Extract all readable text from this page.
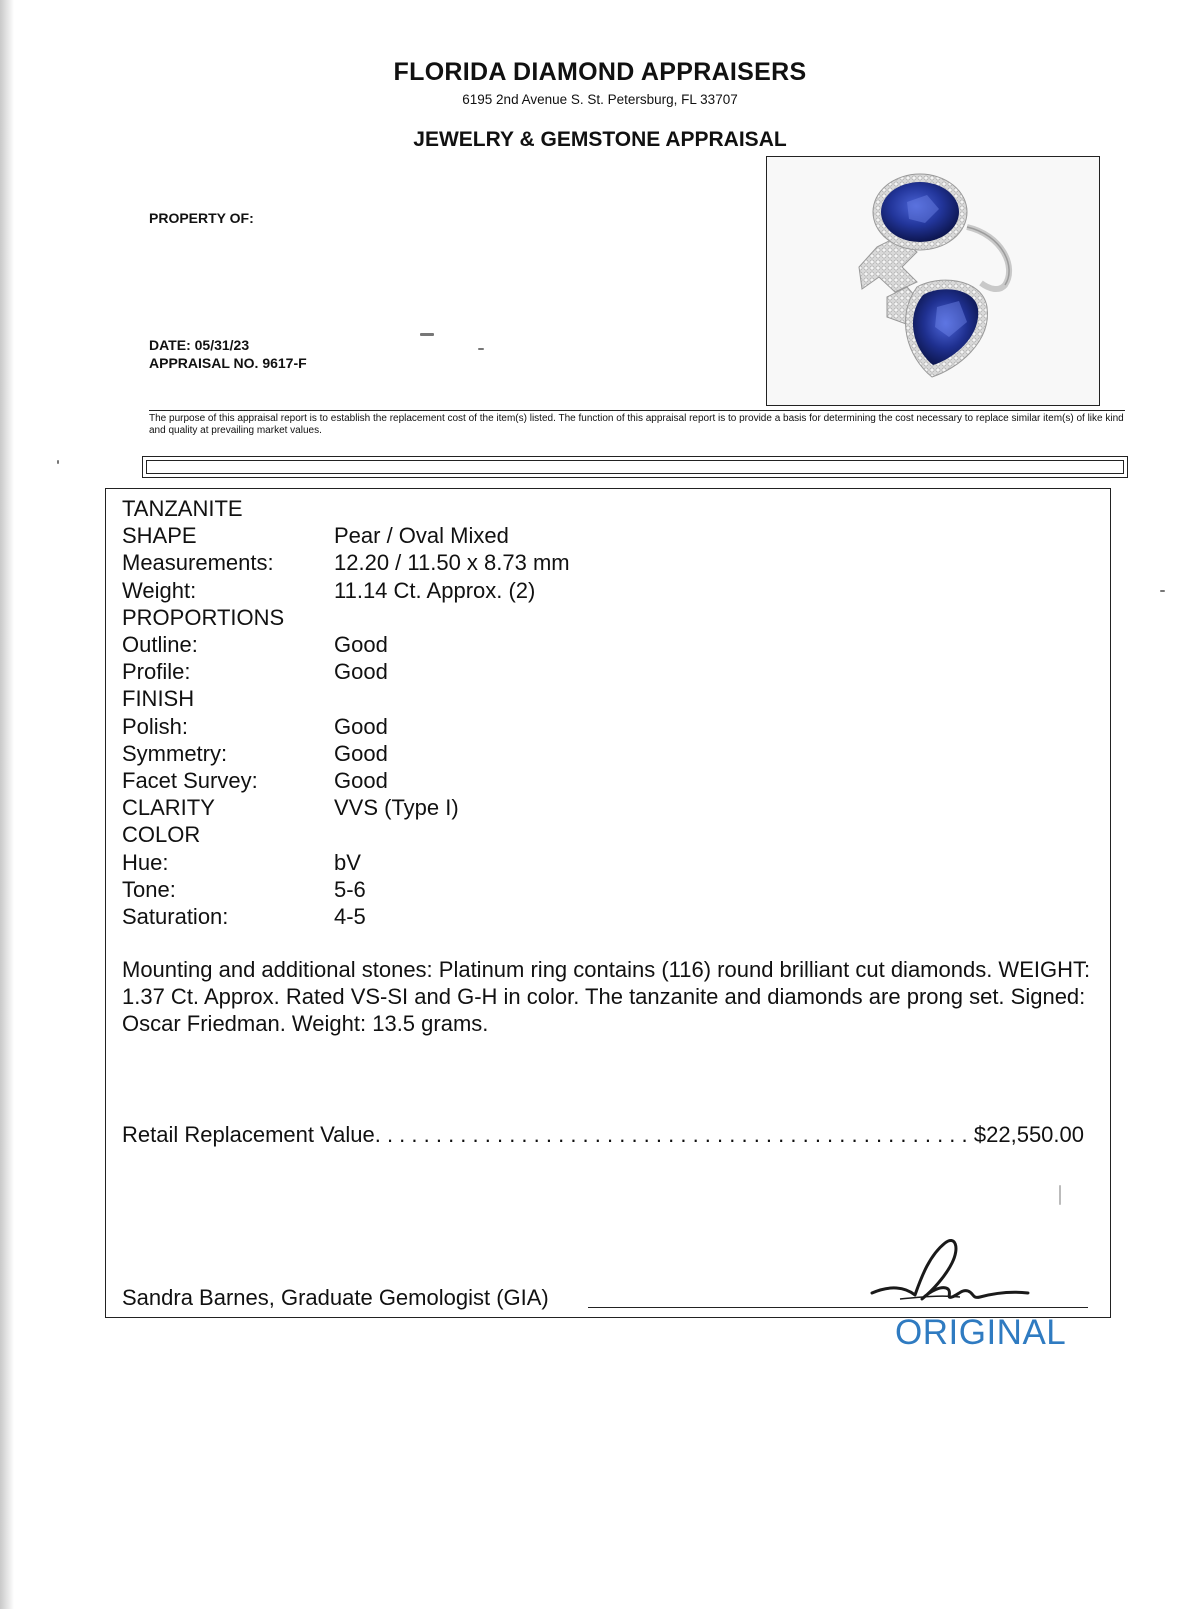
FLORIDA DIAMOND APPRAISERS
6195 2nd Avenue S. St. Petersburg, FL 33707
JEWELRY & GEMSTONE APPRAISAL
PROPERTY OF:
DATE: 05/31/23
APPRAISAL NO. 9617-F
The purpose of this appraisal report is to establish the replacement cost of the item(s) listed. The function of this appraisal report is to provide a basis for determining the cost necessary to replace similar item(s) of like kind and quality at prevailing market values.
TANZANITE
SHAPE	Pear / Oval Mixed
Measurements:	12.20 / 11.50 x 8.73 mm
Weight:	11.14 Ct. Approx. (2)
PROPORTIONS
Outline:	Good
Profile:	Good
FINISH
Polish:	Good
Symmetry:	Good
Facet Survey:	Good
CLARITY	VVS (Type I)
COLOR
Hue:	bV
Tone:	5-6
Saturation:	4-5
Mounting and additional stones: Platinum ring contains (116) round brilliant cut diamonds. WEIGHT: 1.37 Ct. Approx. Rated VS-SI and G-H in color. The tanzanite and diamonds are prong set. Signed: Oscar Friedman. Weight: 13.5 grams.
Retail Replacement Value
. . .	$22,550.00
Sandra Barnes, Graduate Gemologist (GIA)
ORIGINAL
